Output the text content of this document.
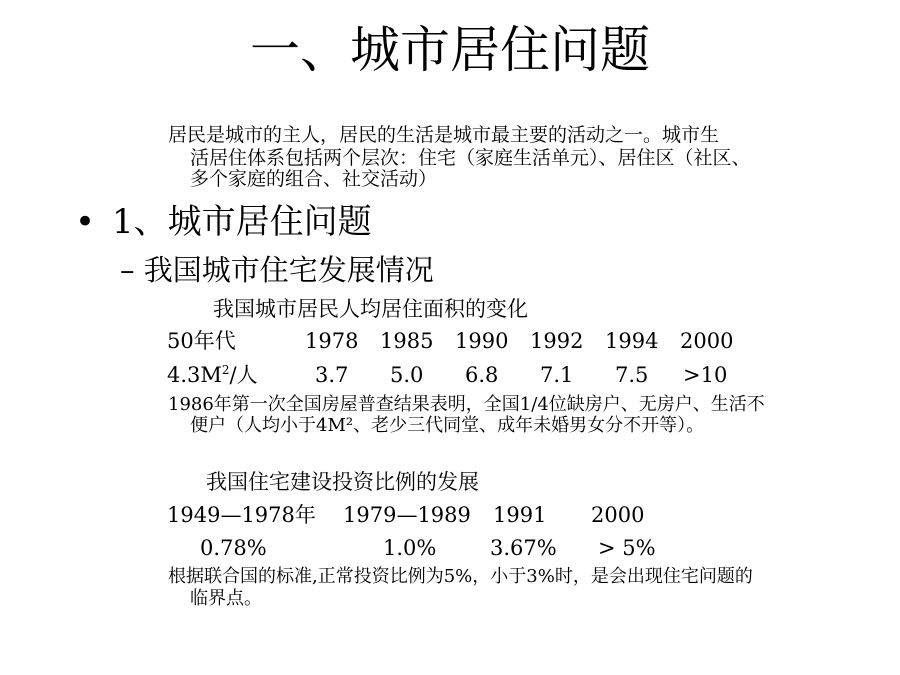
一、城市居住问题
居民是城市的主人，居民的生活是城市最主要的活动之一。城市生
活居住体系包括两个层次：住宅（家庭生活单元）、居住区（社区、
多个家庭的组合、社交活动）
• 1、城市居住问题
– 我国城市住宅发展情况
我国城市居民人均居住面积的变化
50年代	1978 1985 1990 1992 1994 2000
$4.3M^2/$人	3.7 5.0 6.8 7.1 7.5 >10
1986年第一次全国房屋普查结果表明，全国1/4位缺房户、无房户、生活不
便户（人均小于4M²、老少三代同堂、成年未婚男女分不开等）。
我国住宅建设投资比例的发展
1949—1978年 1979—1989 1991 2000
0.78%	1.0%	3.67% > 5%
根据联合国的标准,正常投资比例为5%，小于3%时，是会出现住宅问题的
临界点。
